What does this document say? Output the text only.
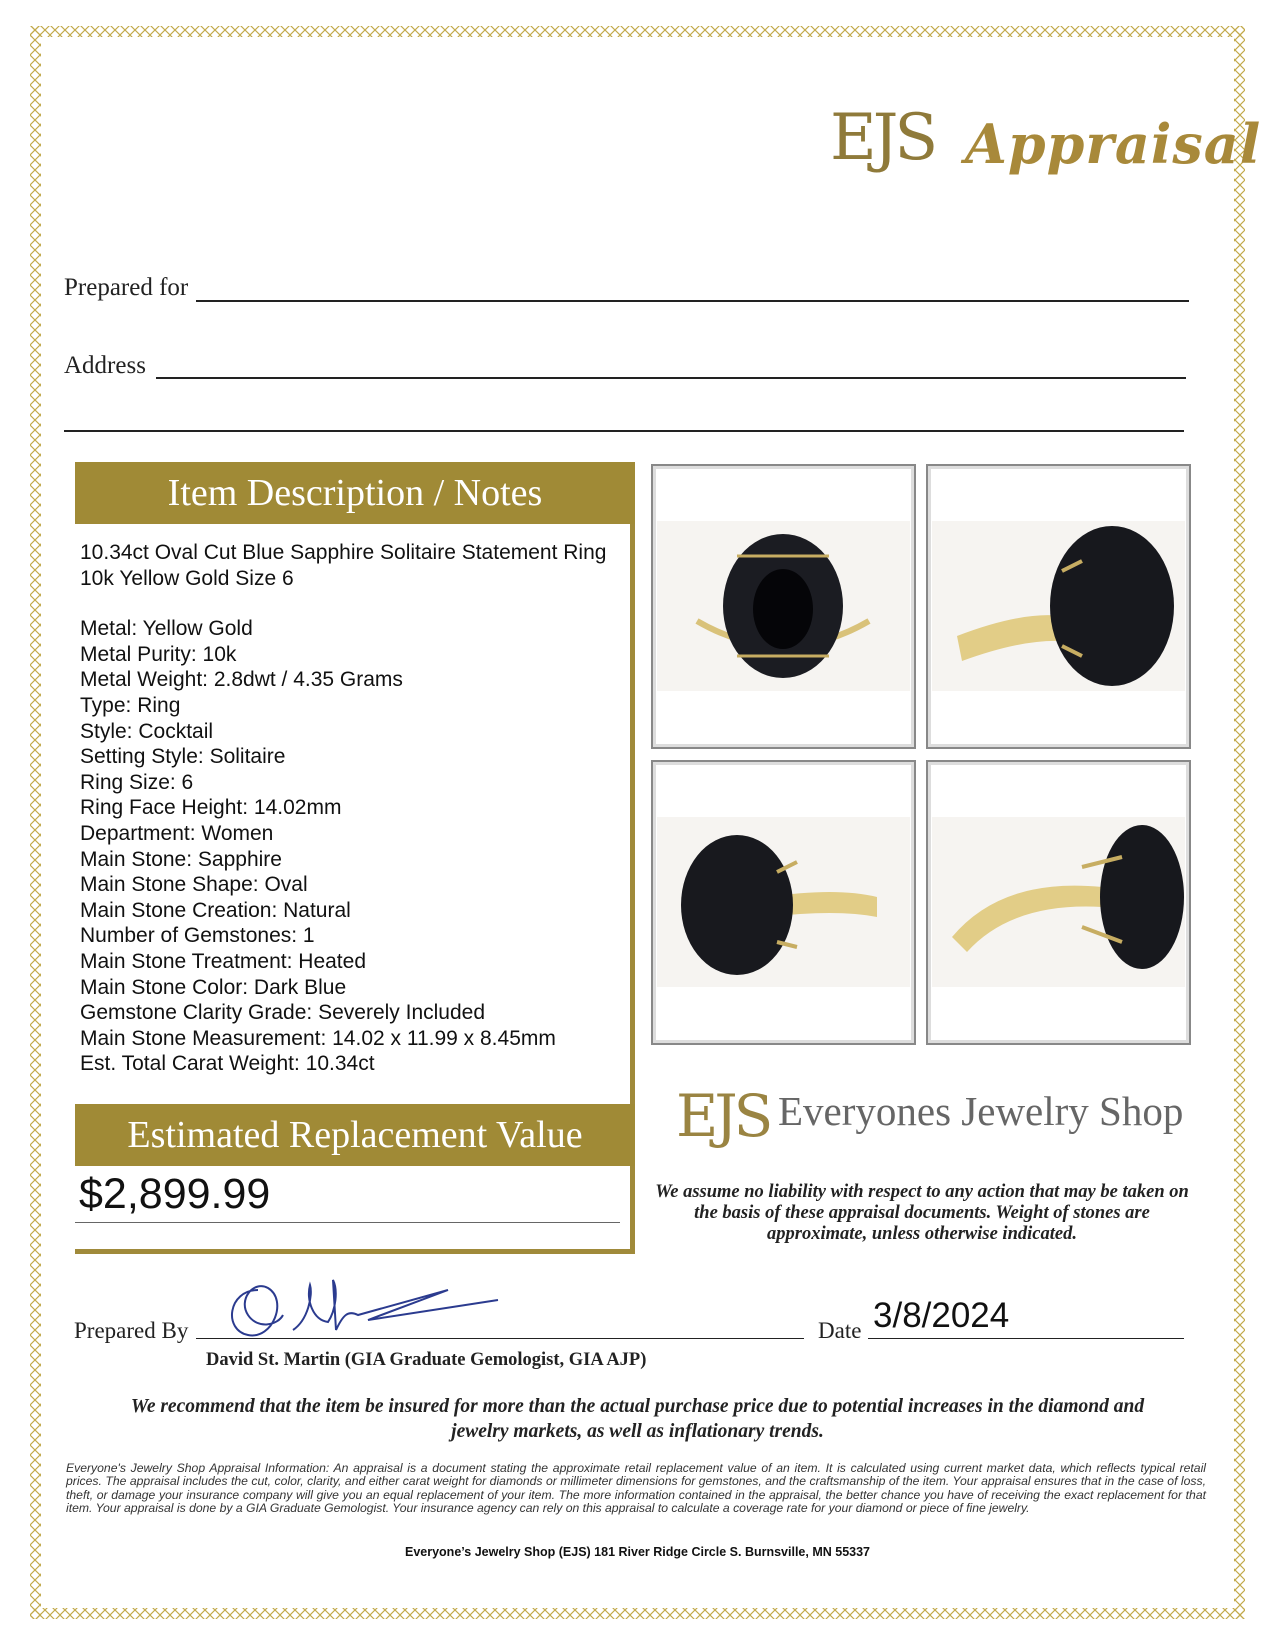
EJS Appraisal
Prepared for
Address
Item Description / Notes
10.34ct Oval Cut Blue Sapphire Solitaire Statement Ring 10k Yellow Gold Size 6
Metal: Yellow Gold
Metal Purity: 10k
Metal Weight: 2.8dwt / 4.35 Grams
Type: Ring
Style: Cocktail
Setting Style: Solitaire
Ring Size: 6
Ring Face Height: 14.02mm
Department: Women
Main Stone: Sapphire
Main Stone Shape: Oval
Main Stone Creation: Natural
Number of Gemstones: 1
Main Stone Treatment: Heated
Main Stone Color: Dark Blue
Gemstone Clarity Grade: Severely Included
Main Stone Measurement: 14.02 x 11.99 x 8.45mm
Est. Total Carat Weight: 10.34ct
Estimated Replacement Value
$2,899.99
EJS Everyones Jewelry Shop
We assume no liability with respect to any action that may be taken on the basis of these appraisal documents. Weight of stones are approximate, unless otherwise indicated.
Prepared By	Date 3/8/2024
David St. Martin (GIA Graduate Gemologist, GIA AJP)
We recommend that the item be insured for more than the actual purchase price due to potential increases in the diamond and jewelry markets, as well as inflationary trends.
Everyone's Jewelry Shop Appraisal Information: An appraisal is a document stating the approximate retail replacement value of an item. It is calculated using current market data, which reflects typical retail prices. The appraisal includes the cut, color, clarity, and either carat weight for diamonds or millimeter dimensions for gemstones, and the craftsmanship of the item. Your appraisal ensures that in the case of loss, theft, or damage your insurance company will give you an equal replacement of your item. The more information contained in the appraisal, the better chance you have of receiving the exact replacement for that item. Your appraisal is done by a GIA Graduate Gemologist. Your insurance agency can rely on this appraisal to calculate a coverage rate for your diamond or piece of fine jewelry.
Everyone’s Jewelry Shop (EJS) 181 River Ridge Circle S. Burnsville, MN 55337
